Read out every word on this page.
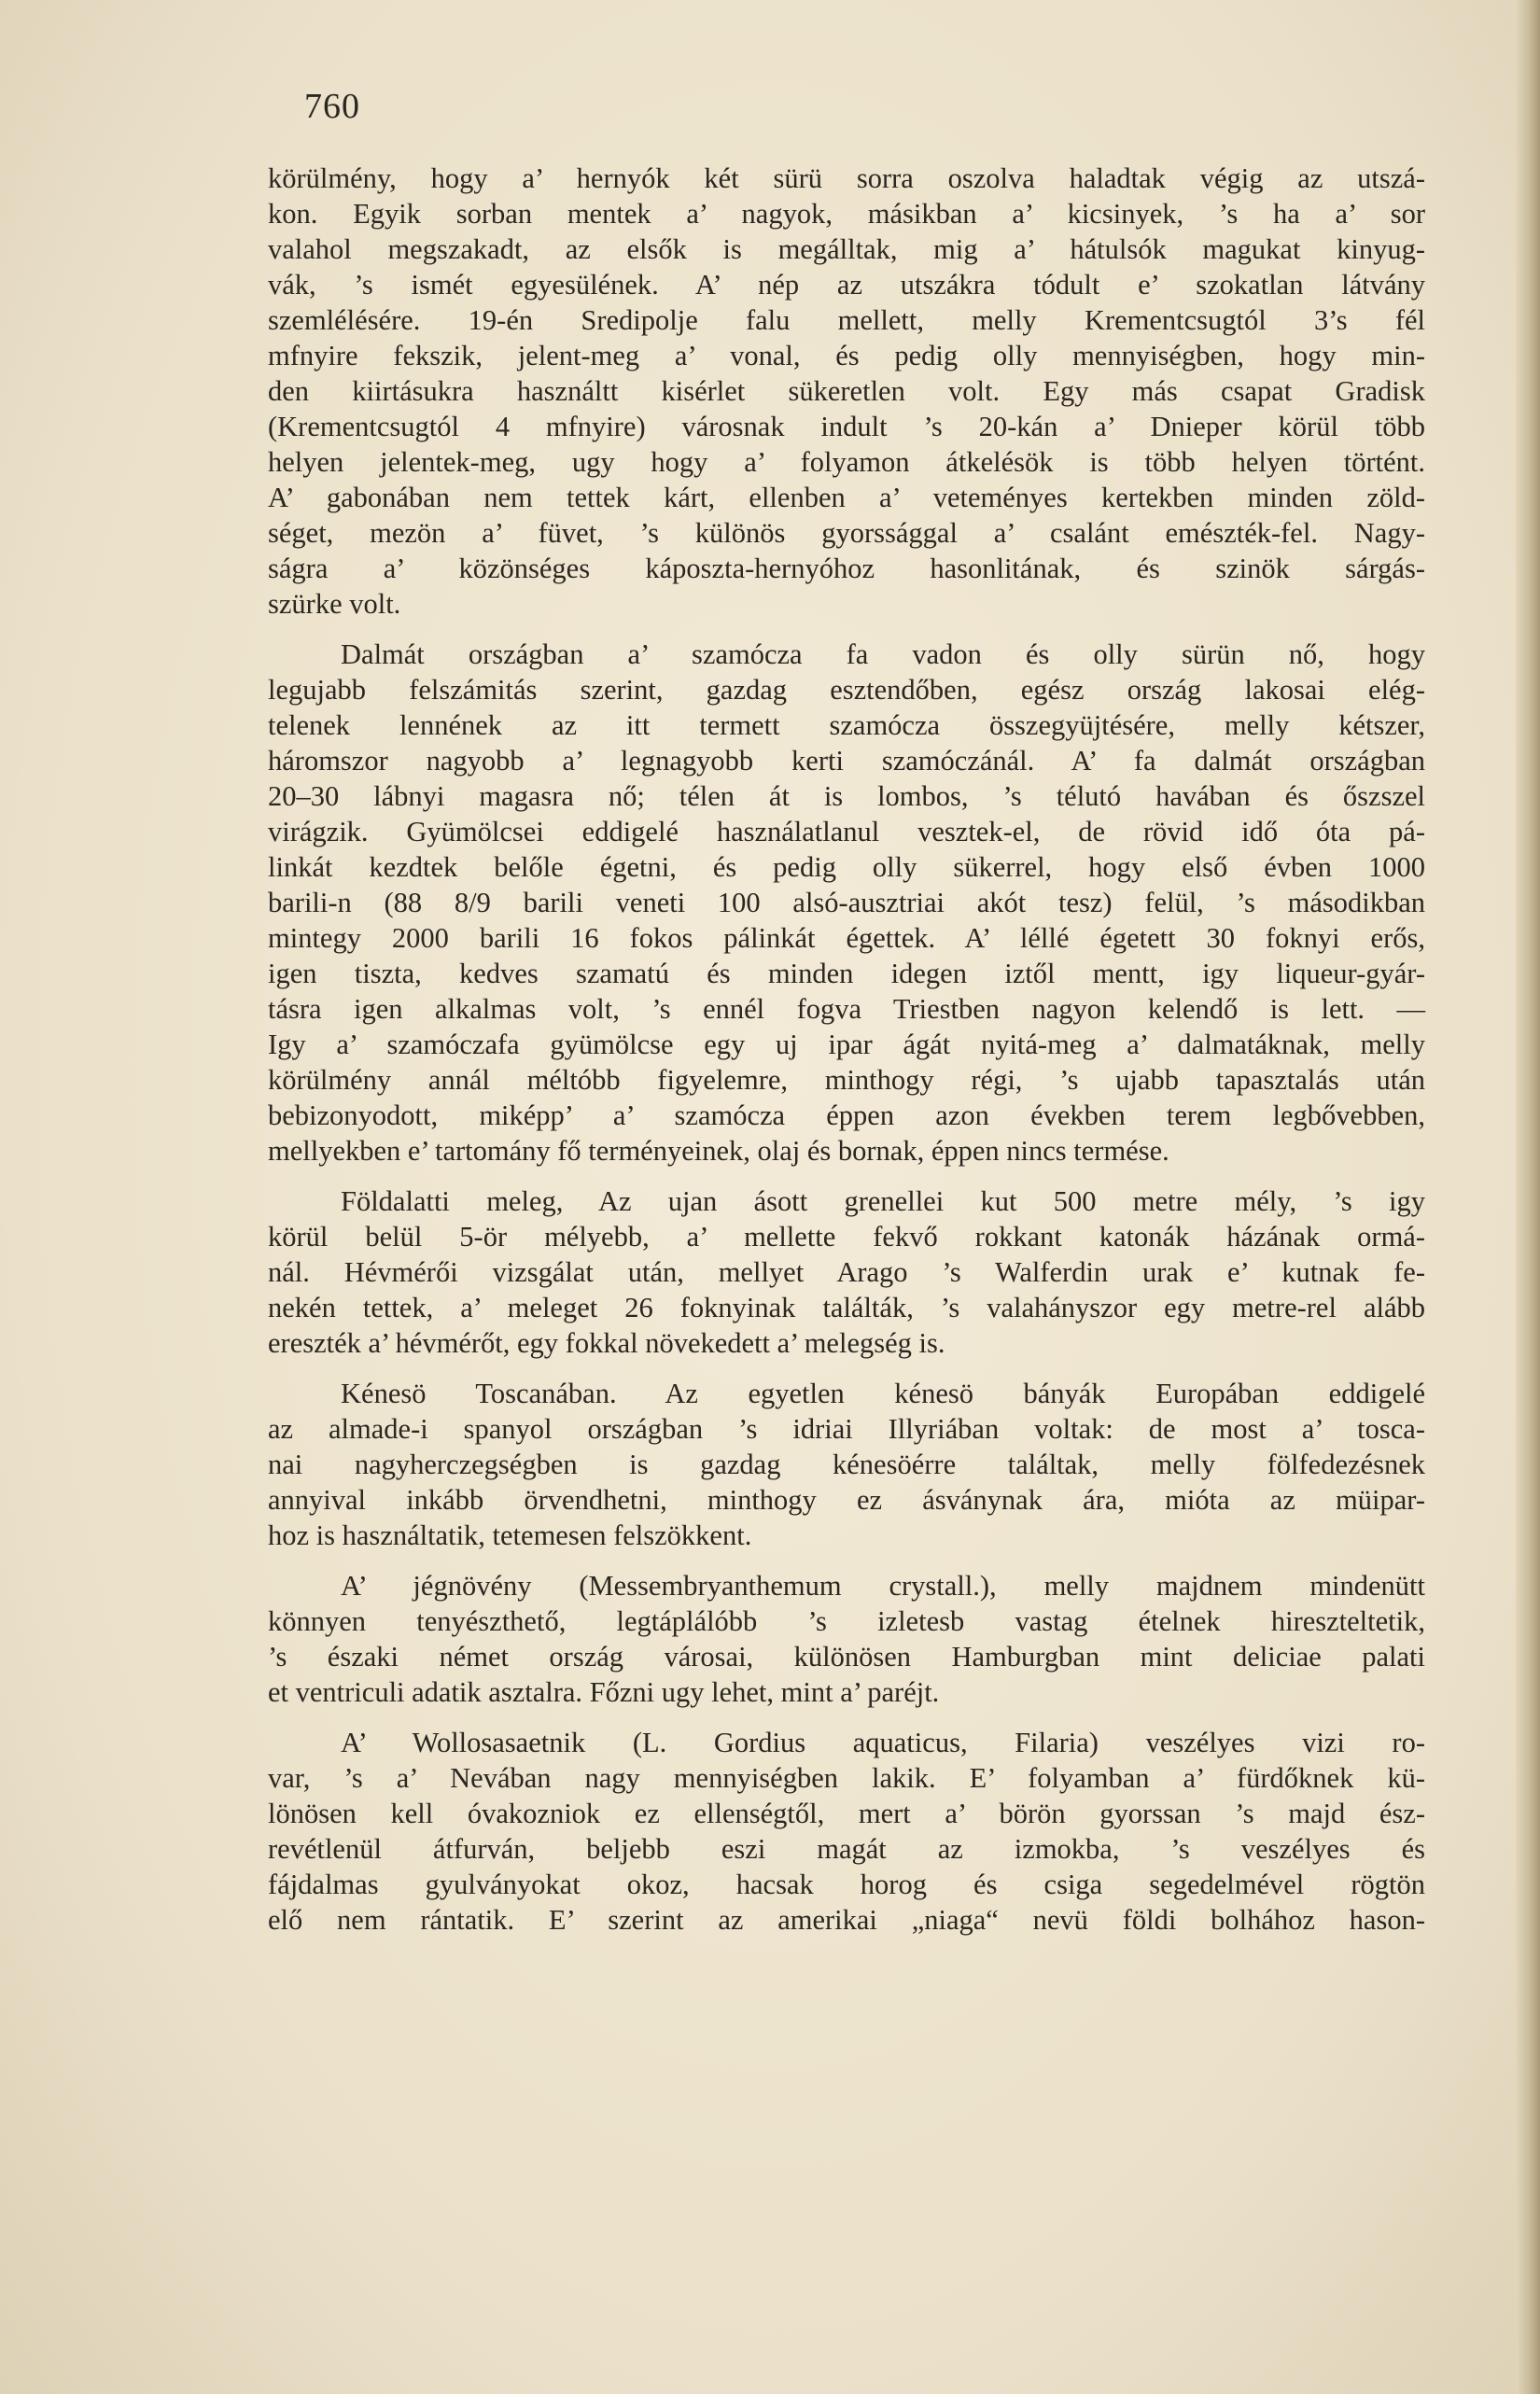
760
körülmény, hogy a’ hernyók két sürü sorra oszolva haladtak végig az utszá-
kon. Egyik sorban mentek a’ nagyok, másikban a’ kicsinyek, ’s ha a’ sor
valahol megszakadt, az elsők is megálltak, mig a’ hátulsók magukat kinyug-
vák, ’s ismét egyesülének. A’ nép az utszákra tódult e’ szokatlan látvány
szemlélésére. 19-én Sredipolje falu mellett, melly Krementcsugtól 3’s fél
mfnyire fekszik, jelent-meg a’ vonal, és pedig olly mennyiségben, hogy min-
den kiirtásukra használtt kisérlet sükeretlen volt. Egy más csapat Gradisk
(Krementcsugtól 4 mfnyire) városnak indult ’s 20-kán a’ Dnieper körül több
helyen jelentek-meg, ugy hogy a’ folyamon átkelésök is több helyen történt.
A’ gabonában nem tettek kárt, ellenben a’ veteményes kertekben minden zöld-
séget, mezön a’ füvet, ’s különös gyorssággal a’ csalánt emészték-fel. Nagy-
ságra a’ közönséges káposzta-hernyóhoz hasonlitának, és szinök sárgás-
szürke volt.
Dalmát országban a’ szamócza fa vadon és olly sürün nő, hogy
legujabb felszámitás szerint, gazdag esztendőben, egész ország lakosai elég-
telenek lennének az itt termett szamócza összegyüjtésére, melly kétszer,
háromszor nagyobb a’ legnagyobb kerti szamóczánál. A’ fa dalmát országban
20–30 lábnyi magasra nő; télen át is lombos, ’s télutó havában és őszszel
virágzik. Gyümölcsei eddigelé használatlanul vesztek-el, de rövid idő óta pá-
linkát kezdtek belőle égetni, és pedig olly sükerrel, hogy első évben 1000
barili-n (88 8/9 barili veneti 100 alsó-ausztriai akót tesz) felül, ’s másodikban
mintegy 2000 barili 16 fokos pálinkát égettek. A’ léllé égetett 30 foknyi erős,
igen tiszta, kedves szamatú és minden idegen iztől mentt, igy liqueur-gyár-
tásra igen alkalmas volt, ’s ennél fogva Triestben nagyon kelendő is lett. —
Igy a’ szamóczafa gyümölcse egy uj ipar ágát nyitá-meg a’ dalmatáknak, melly
körülmény annál méltóbb figyelemre, minthogy régi, ’s ujabb tapasztalás után
bebizonyodott, miképp’ a’ szamócza éppen azon években terem legbővebben,
mellyekben e’ tartomány fő terményeinek, olaj és bornak, éppen nincs termése.
Földalatti meleg, Az ujan ásott grenellei kut 500 metre mély, ’s igy
körül belül 5-ör mélyebb, a’ mellette fekvő rokkant katonák házának ormá-
nál. Hévmérői vizsgálat után, mellyet Arago ’s Walferdin urak e’ kutnak fe-
nekén tettek, a’ meleget 26 foknyinak találták, ’s valahányszor egy metre-rel alább
ereszték a’ hévmérőt, egy fokkal növekedett a’ melegség is.
Kénesö Toscanában. Az egyetlen kénesö bányák Europában eddigelé
az almade-i spanyol országban ’s idriai Illyriában voltak: de most a’ tosca-
nai nagyherczegségben is gazdag kénesöérre találtak, melly fölfedezésnek
annyival inkább örvendhetni, minthogy ez ásványnak ára, mióta az müipar-
hoz is használtatik, tetemesen felszökkent.
A’ jégnövény (Messembryanthemum crystall.), melly majdnem mindenütt
könnyen tenyészthető, legtáplálóbb ’s izletesb vastag ételnek hireszteltetik,
’s északi német ország városai, különösen Hamburgban mint deliciae palati
et ventriculi adatik asztalra. Főzni ugy lehet, mint a’ paréjt.
A’ Wollosasaetnik (L. Gordius aquaticus, Filaria) veszélyes vizi ro-
var, ’s a’ Nevában nagy mennyiségben lakik. E’ folyamban a’ fürdőknek kü-
lönösen kell óvakozniok ez ellenségtől, mert a’ börön gyorssan ’s majd ész-
revétlenül átfurván, beljebb eszi magát az izmokba, ’s veszélyes és
fájdalmas gyulványokat okoz, hacsak horog és csiga segedelmével rögtön
elő nem rántatik. E’ szerint az amerikai „niaga“ nevü földi bolhához hason-
